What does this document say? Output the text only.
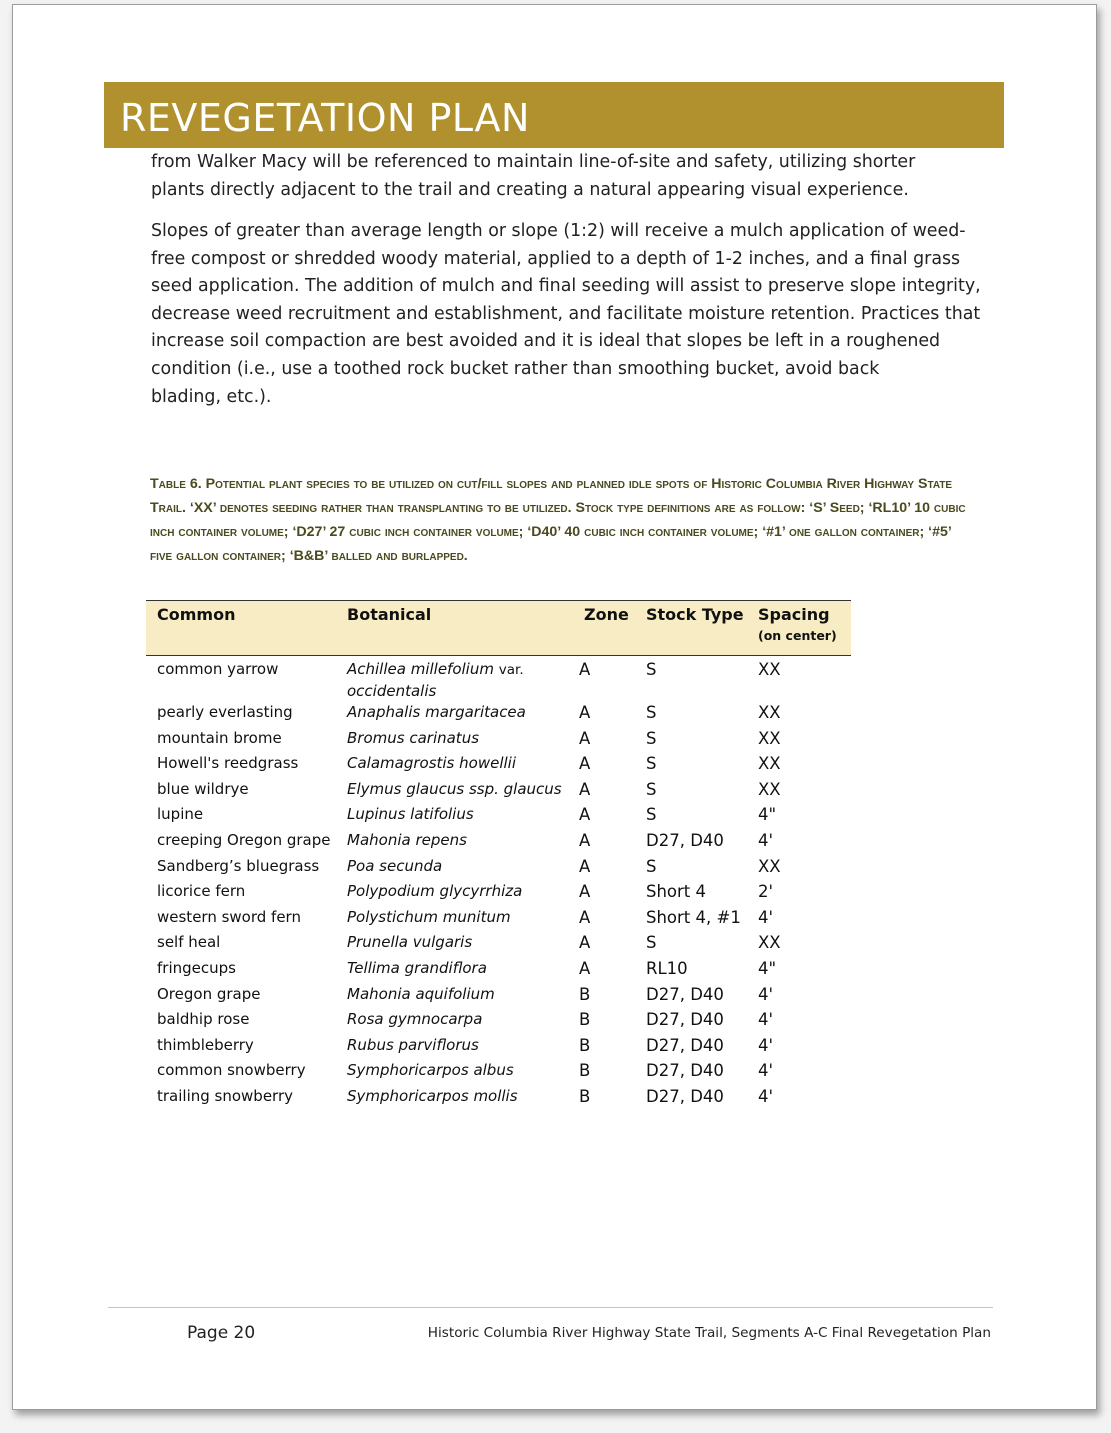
REVEGETATION PLAN
from Walker Macy will be referenced to maintain line-of-site and safety, utilizing shorter
plants directly adjacent to the trail and creating a natural appearing visual experience.
Slopes of greater than average length or slope (1:2) will receive a mulch application of weed-
free compost or shredded woody material, applied to a depth of 1-2 inches, and a final grass
seed application. The addition of mulch and final seeding will assist to preserve slope integrity,
decrease weed recruitment and establishment, and facilitate moisture retention. Practices that
increase soil compaction are best avoided and it is ideal that slopes be left in a roughened
condition (i.e., use a toothed rock bucket rather than smoothing bucket, avoid back
blading, etc.).
Table 6. Potential plant species to be utilized on cut/fill slopes and planned idle spots of Historic Columbia River Highway State Trail. ‘XX’ denotes seeding rather than transplanting to be utilized. Stock type definitions are as follow: ‘S’ Seed; ‘RL10’ 10 cubic inch container volume; ‘D27’ 27 cubic inch container volume; ‘D40’ 40 cubic inch container volume; ‘#1’ one gallon container; ‘#5’ five gallon container; ‘B&B’ balled and burlapped.
Common	Botanical	Zone	Stock Type	Spacing
(on center)

common yarrow	Achillea millefolium var.
occidentalis	A	S	XX
pearly everlasting	Anaphalis margaritacea	A	S	XX
mountain brome	Bromus carinatus	A	S	XX
Howell's reedgrass	Calamagrostis howellii	A	S	XX
blue wildrye	Elymus glaucus ssp. glaucus	A	S	XX
lupine	Lupinus latifolius	A	S	4"
creeping Oregon grape	Mahonia repens	A	D27, D40	4'
Sandberg’s bluegrass	Poa secunda	A	S	XX
licorice fern	Polypodium glycyrrhiza	A	Short 4	2'
western sword fern	Polystichum munitum	A	Short 4, #1	4'
self heal	Prunella vulgaris	A	S	XX
fringecups	Tellima grandiflora	A	RL10	4"
Oregon grape	Mahonia aquifolium	B	D27, D40	4'
baldhip rose	Rosa gymnocarpa	B	D27, D40	4'
thimbleberry	Rubus parviflorus	B	D27, D40	4'
common snowberry	Symphoricarpos albus	B	D27, D40	4'
trailing snowberry	Symphoricarpos mollis	B	D27, D40	4'
Page 20	Historic Columbia River Highway State Trail, Segments A-C Final Revegetation Plan
